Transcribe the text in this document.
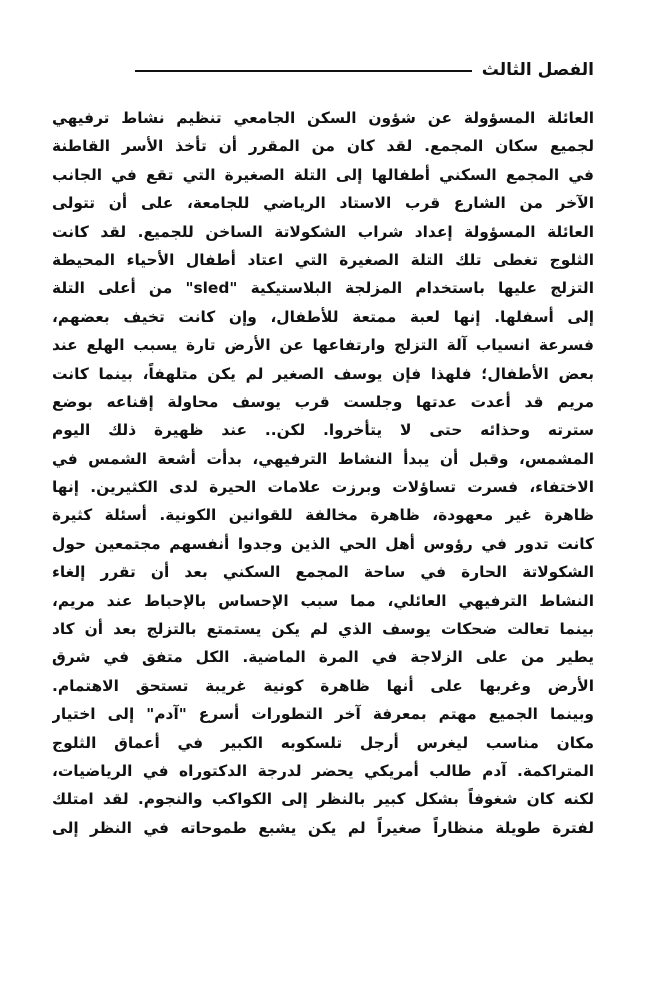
الفصل الثالث
العائلة المسؤولة عن شؤون السكن الجامعي تنظيم نشاط ترفيهي
لجميع سكان المجمع. لقد كان من المقرر أن تأخذ الأسر القاطنة
في المجمع السكني أطفالها إلى التلة الصغيرة التي تقع في الجانب
الآخر من الشارع قرب الاستاد الرياضي للجامعة، على أن تتولى
العائلة المسؤولة إعداد شراب الشكولاتة الساخن للجميع. لقد كانت
الثلوج تغطى تلك التلة الصغيرة التي اعتاد أطفال الأحياء المحيطة
التزلج عليها باستخدام المزلجة البلاستيكية "sled" من أعلى التلة
إلى أسفلها. إنها لعبة ممتعة للأطفال، وإن كانت تخيف بعضهم،
فسرعة انسياب آلة التزلج وارتفاعها عن الأرض تارة يسبب الهلع عند
بعض الأطفال؛ فلهذا فإن يوسف الصغير لم يكن متلهفاً، بينما كانت
مريم قد أعدت عدتها وجلست قرب يوسف محاولة إقناعه بوضع
سترته وحذائه حتى لا يتأخروا. لكن.. عند ظهيرة ذلك اليوم
المشمس، وقبل أن يبدأ النشاط الترفيهي، بدأت أشعة الشمس في
الاختفاء، فسرت تساؤلات وبرزت علامات الحيرة لدى الكثيرين. إنها
ظاهرة غير معهودة، ظاهرة مخالفة للقوانين الكونية. أسئلة كثيرة
كانت تدور في رؤوس أهل الحي الذين وجدوا أنفسهم مجتمعين حول
الشكولاتة الحارة في ساحة المجمع السكني بعد أن تقرر إلغاء
النشاط الترفيهي العائلي، مما سبب الإحساس بالإحباط عند مريم،
بينما تعالت ضحكات يوسف الذي لم يكن يستمتع بالتزلج بعد أن كاد
يطير من على الزلاجة في المرة الماضية. الكل متفق في شرق
الأرض وغربها على أنها ظاهرة كونية غريبة تستحق الاهتمام.
وبينما الجميع مهتم بمعرفة آخر التطورات أسرع "آدم" إلى اختيار
مكان مناسب ليغرس أرجل تلسكوبه الكبير في أعماق الثلوج
المتراكمة. آدم طالب أمريكي يحضر لدرجة الدكتوراه في الرياضيات،
لكنه كان شغوفاً بشكل كبير بالنظر إلى الكواكب والنجوم. لقد امتلك
لفترة طويلة منظاراً صغيراً لم يكن يشبع طموحاته في النظر إلى
